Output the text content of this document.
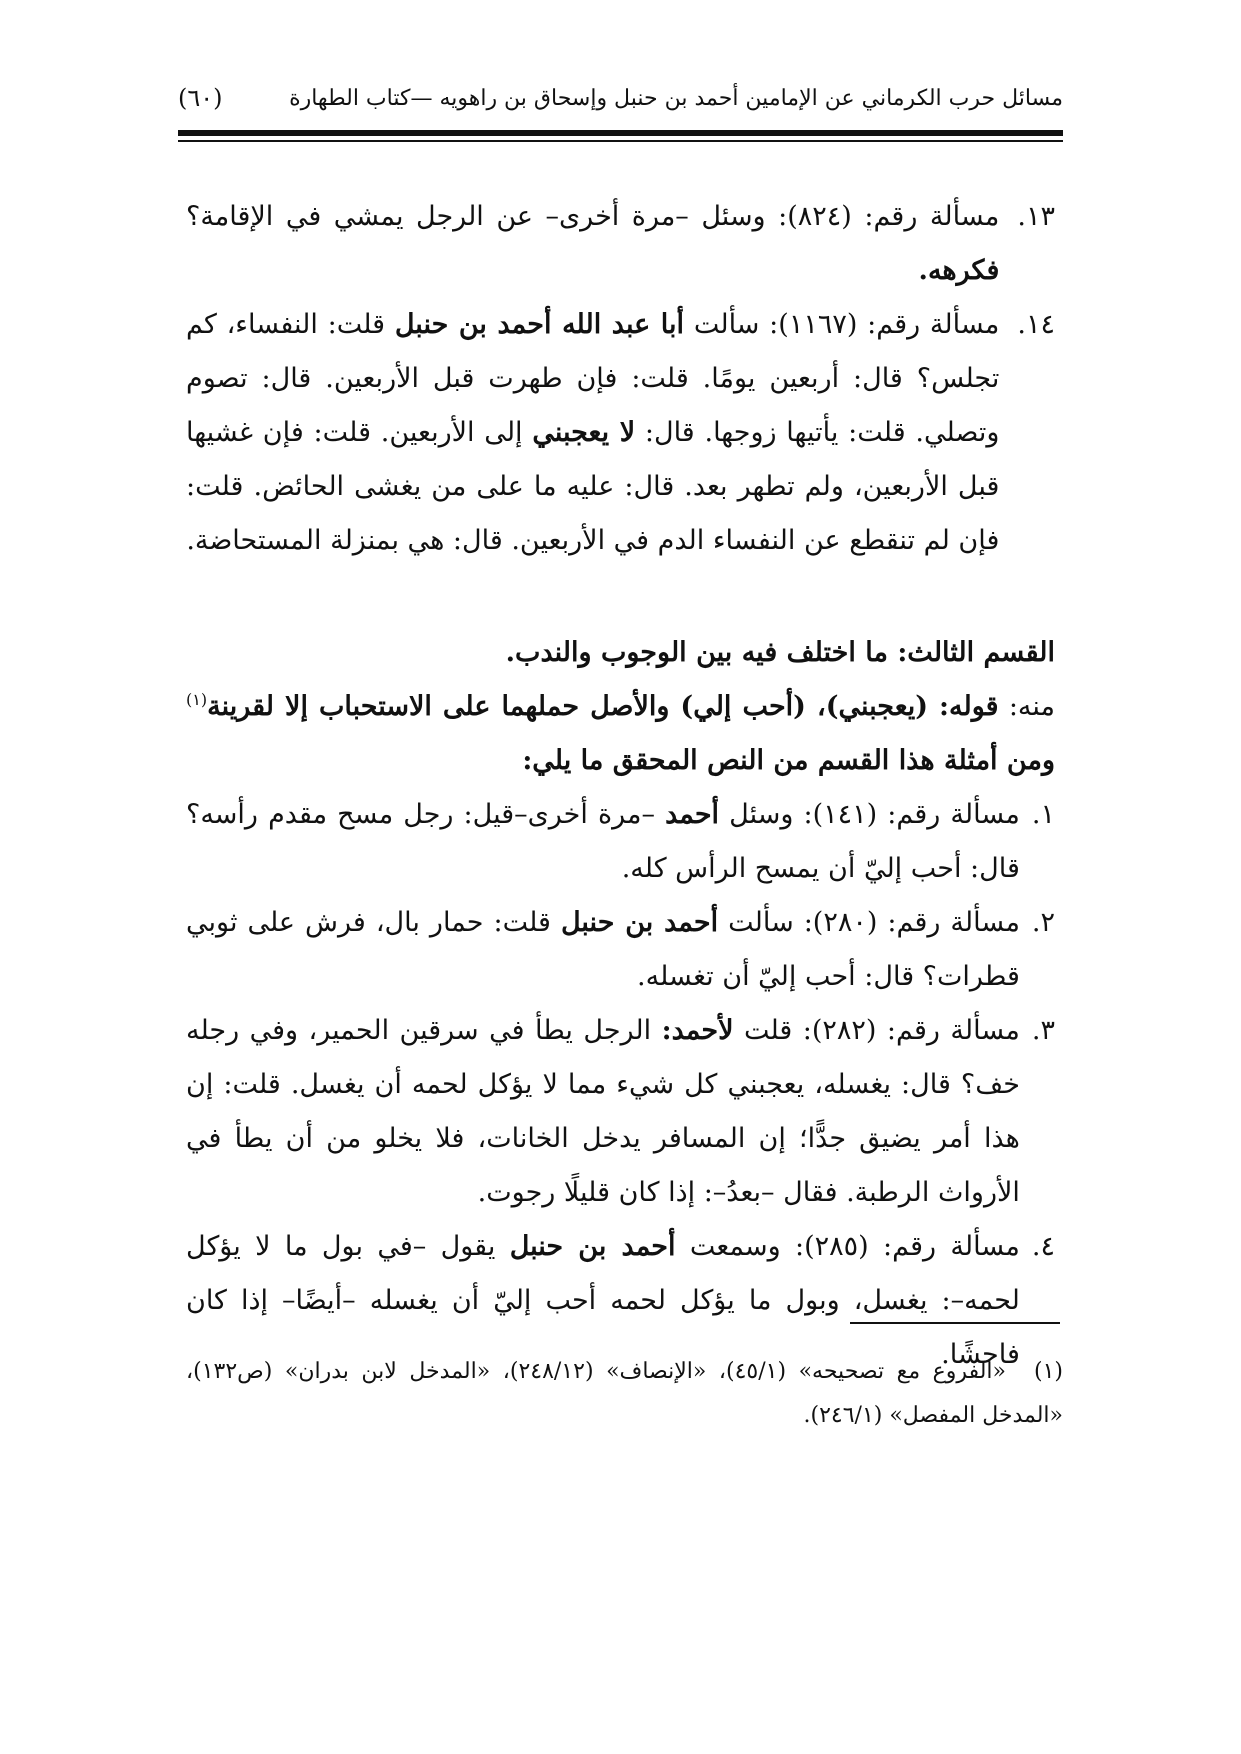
مسائل حرب الكرماني عن الإمامين أحمد بن حنبل وإسحاق بن راهويه —كتاب الطهارة
(٦٠)
١٣.
مسألة رقم: (٨٢٤): وسئل –مرة أخرى– عن الرجل يمشي في الإقامة؟ فكرهه.
١٤.
مسألة رقم: (١١٦٧): سألت أبا عبد الله أحمد بن حنبل قلت: النفساء، كم تجلس؟ قال: أربعين يومًا. قلت: فإن طهرت قبل الأربعين. قال: تصوم وتصلي. قلت: يأتيها زوجها. قال: لا يعجبني إلى الأربعين. قلت: فإن غشيها قبل الأربعين، ولم تطهر بعد. قال: عليه ما على من يغشى الحائض. قلت: فإن لم تنقطع عن النفساء الدم في الأربعين. قال: هي بمنزلة المستحاضة.
القسم الثالث: ما اختلف فيه بين الوجوب والندب.
منه: قوله: (يعجبني)، (أحب إلي) والأصل حملهما على الاستحباب إلا لقرينة$^{(١)}$ ومن أمثلة هذا القسم من النص المحقق ما يلي:
١.
مسألة رقم: (١٤١): وسئل أحمد –مرة أخرى–قيل: رجل مسح مقدم رأسه؟قال: أحب إليّ أن يمسح الرأس كله.
٢.
مسألة رقم: (٢٨٠): سألت أحمد بن حنبل قلت: حمار بال، فرش على ثوبي قطرات؟ قال: أحب إليّ أن تغسله.
٣.
مسألة رقم: (٢٨٢): قلت لأحمد: الرجل يطأ في سرقين الحمير، وفي رجله خف؟ قال: يغسله، يعجبني كل شيء مما لا يؤكل لحمه أن يغسل. قلت: إن هذا أمر يضيق جدًّا؛ إن المسافر يدخل الخانات، فلا يخلو من أن يطأ في الأرواث الرطبة. فقال –بعدُ–: إذا كان قليلًا رجوت.
٤.
مسألة رقم: (٢٨٥): وسمعت أحمد بن حنبل يقول –في بول ما لا يؤكل لحمه–: يغسل، وبول ما يؤكل لحمه أحب إليّ أن يغسله –أيضًا– إذا كان فاحشًا.
(١)«الفروع مع تصحيحه» (٤٥/١)، «الإنصاف» (٢٤٨/١٢)، «المدخل لابن بدران» (ص١٣٢)، «المدخل المفصل» (٢٤٦/١).
